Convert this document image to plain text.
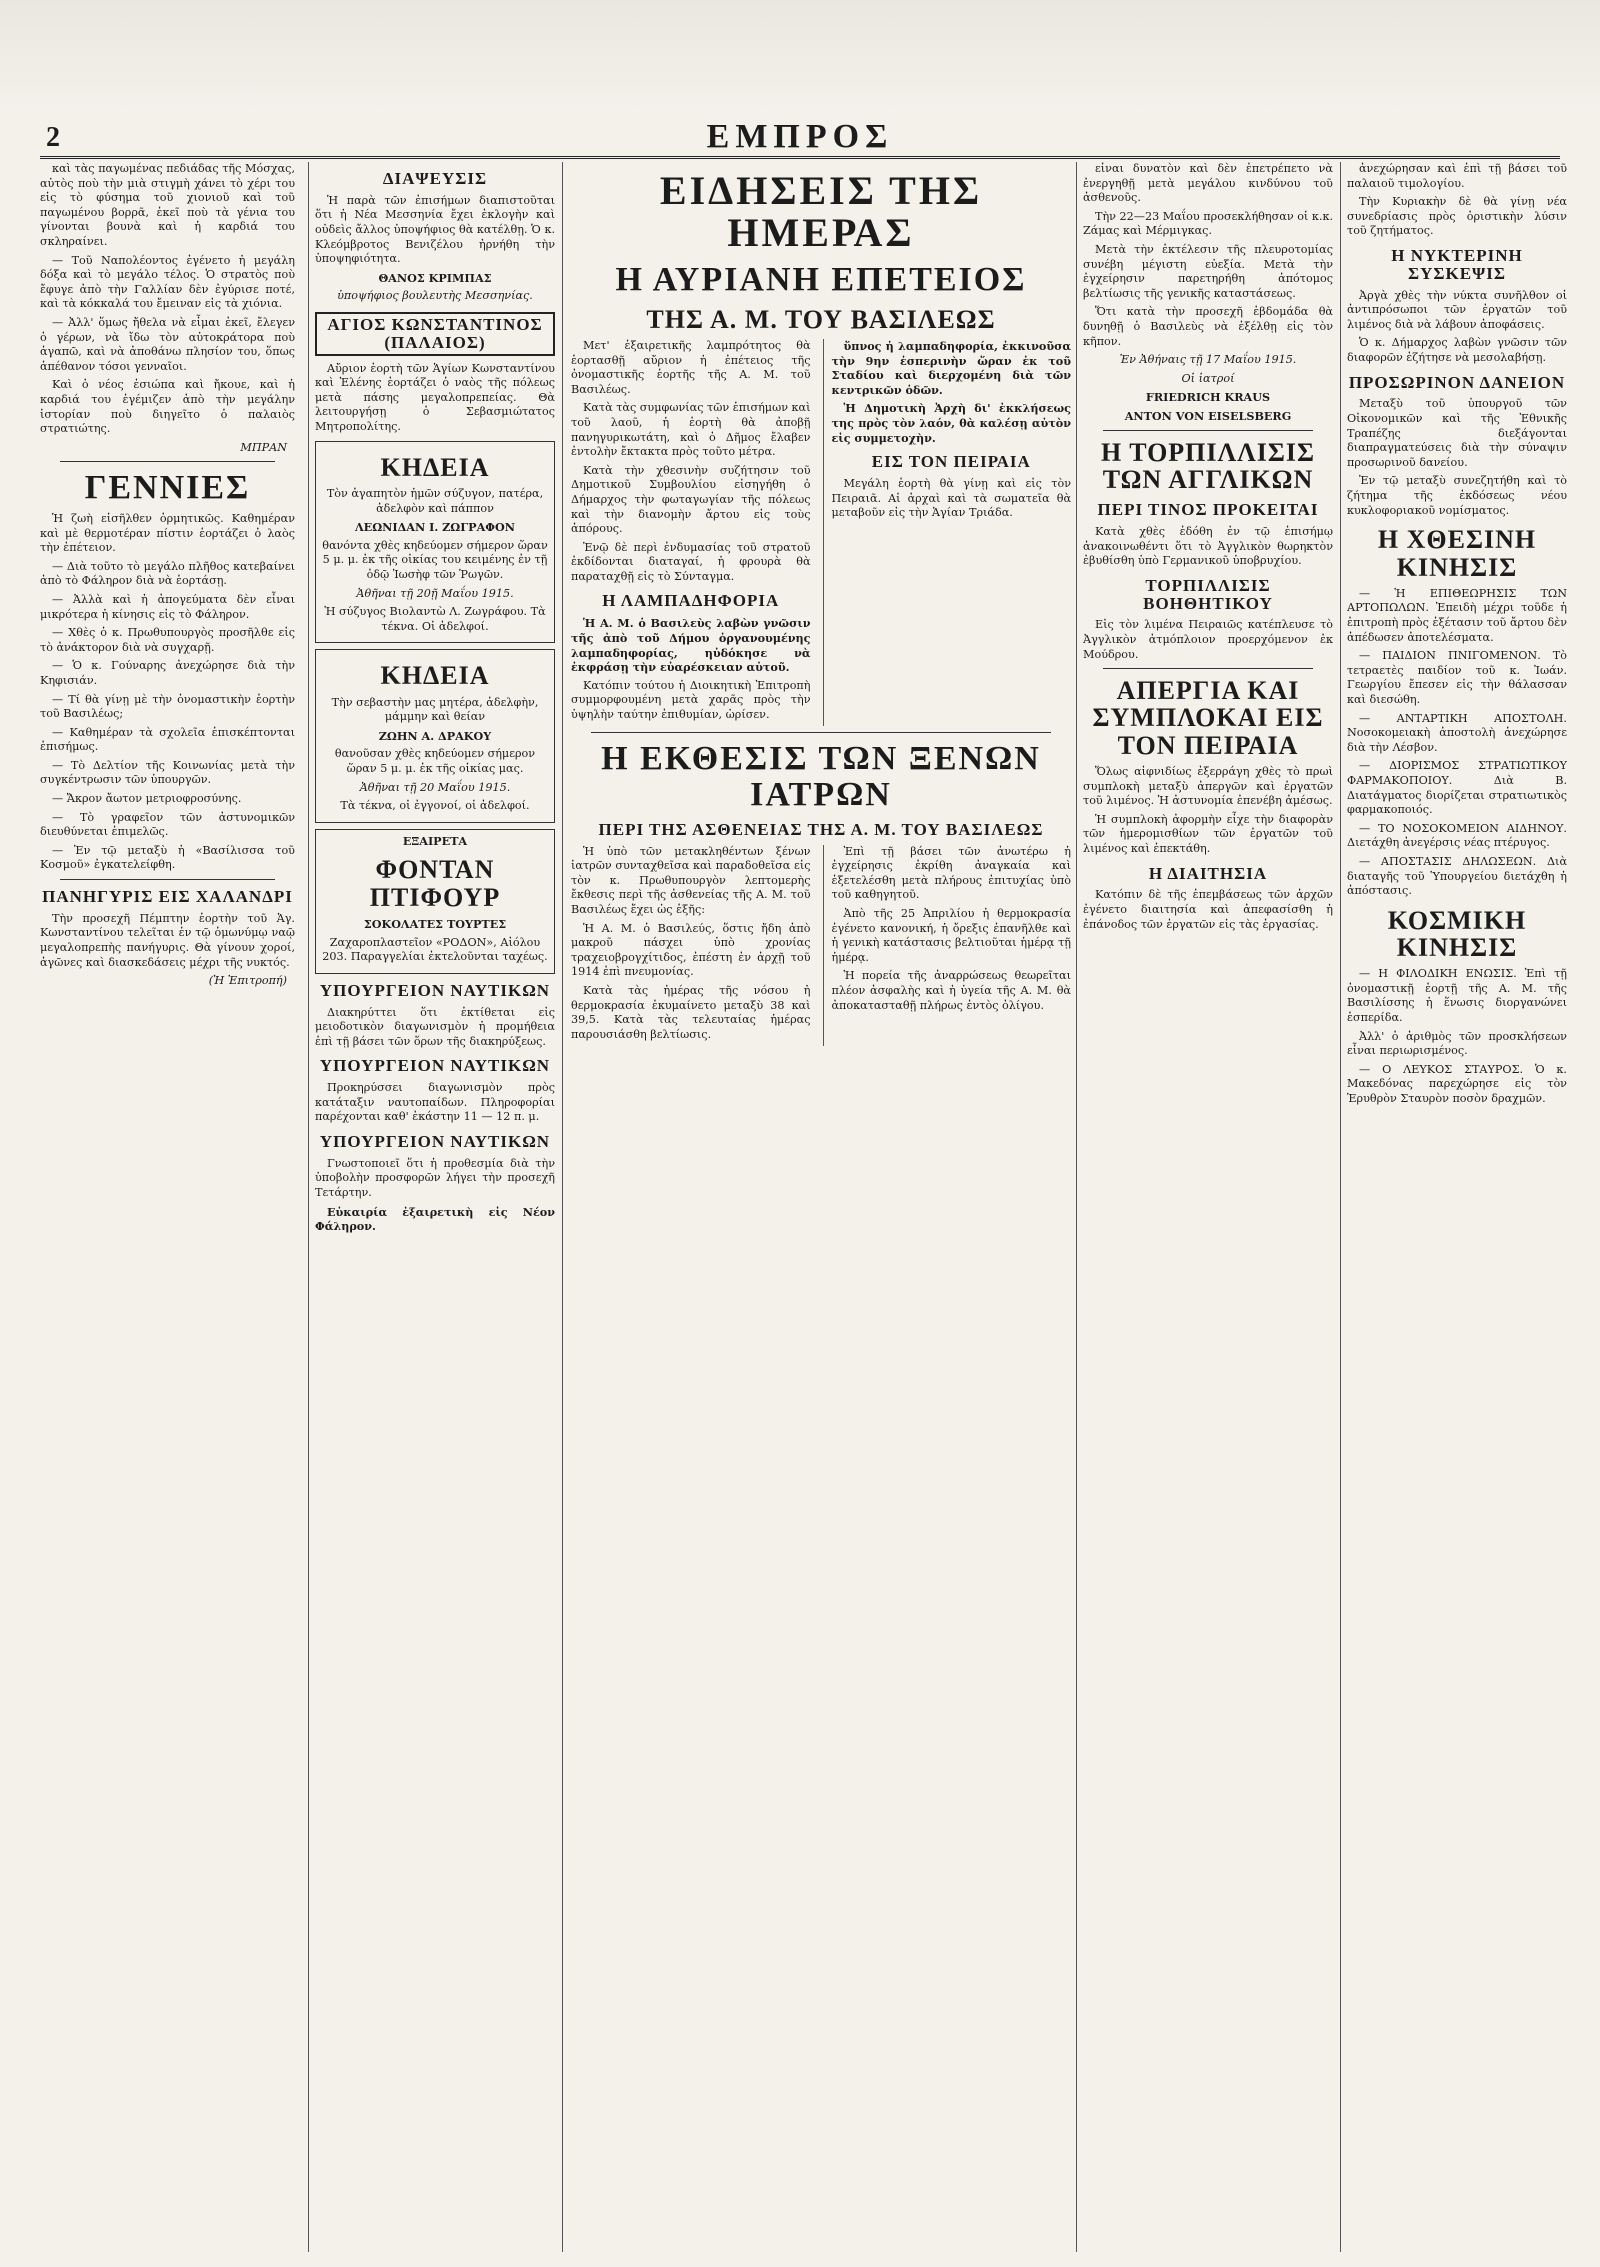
2	ΕΜΠΡΟΣ

καὶ τὰς παγωμένας πεδιάδας τῆς Μόσχας, αὐτὸς ποὺ τὴν μιὰ στιγμὴ χάνει τὸ χέρι του εἰς τὸ φύσημα τοῦ χιονιοῦ καὶ τοῦ παγωμένου βορρᾶ, ἐκεῖ ποὺ τὰ γένια του γίνονται βουνὰ καὶ ἡ καρδιά του σκληραίνει.

— Τοῦ Ναπολέοντος ἐγένετο ἡ μεγάλη δόξα καὶ τὸ μεγάλο τέλος. Ὁ στρατὸς ποὺ ἔφυγε ἀπὸ τὴν Γαλλίαν δὲν ἐγύρισε ποτέ, καὶ τὰ κόκκαλά του ἔμειναν εἰς τὰ χιόνια.

— Ἀλλ' ὅμως ἤθελα νὰ εἶμαι ἐκεῖ, ἔλεγεν ὁ γέρων, νὰ ἴδω τὸν αὐτοκράτορα ποὺ ἀγαπῶ, καὶ νὰ ἀποθάνω πλησίον του, ὅπως ἀπέθανον τόσοι γενναῖοι.

Καὶ ὁ νέος ἐσιώπα καὶ ἤκουε, καὶ ἡ καρδιά του ἐγέμιζεν ἀπὸ τὴν μεγάλην ἱστορίαν ποὺ διηγεῖτο ὁ παλαιὸς στρατιώτης.

ΜΠΡΑΝ

ΓΕΝΝΙΕΣ

Ἡ ζωὴ εἰσῆλθεν ὁρμητικῶς. Καθημέραν καὶ μὲ θερμοτέραν πίστιν ἑορτάζει ὁ λαὸς τὴν ἐπέτειον.

— Διὰ τοῦτο τὸ μεγάλο πλῆθος κατεβαίνει ἀπὸ τὸ Φάληρον διὰ νὰ ἑορτάσῃ.

— Ἀλλὰ καὶ ἡ ἀπογεύματα δὲν εἶναι μικρότερα ἡ κίνησις εἰς τὸ Φάληρον.

— Χθὲς ὁ κ. Πρωθυπουργὸς προσῆλθε εἰς τὸ ἀνάκτορον διὰ νὰ συγχαρῇ.

— Ὁ κ. Γούναρης ἀνεχώρησε διὰ τὴν Κηφισιάν.

— Τί θὰ γίνῃ μὲ τὴν ὀνομαστικὴν ἑορτὴν τοῦ Βασιλέως;

— Καθημέραν τὰ σχολεῖα ἐπισκέπτονται ἐπισήμως.

— Τὸ Δελτίον τῆς Κοινωνίας μετὰ τὴν συγκέντρωσιν τῶν ὑπουργῶν.

— Ἄκρον ἄωτον μετριοφροσύνης.

— Τὸ γραφεῖον τῶν ἀστυνομικῶν διευθύνεται ἐπιμελῶς.

— Ἐν τῷ μεταξὺ ἡ «Βασίλισσα τοῦ Κοσμοῦ» ἐγκατελείφθη.

ΠΑΝΗΓΥΡΙΣ ΕΙΣ ΧΑΛΑΝΔΡΙ

Τὴν προσεχῆ Πέμπτην ἑορτὴν τοῦ Ἁγ. Κωνσταντίνου τελεῖται ἐν τῷ ὁμωνύμῳ ναῷ μεγαλοπρεπὴς πανήγυρις. Θὰ γίνουν χοροί, ἀγῶνες καὶ διασκεδάσεις μέχρι τῆς νυκτός.

(Ἡ Ἐπιτροπή)

ΔΙΑΨΕΥΣΙΣ

Ἡ παρὰ τῶν ἐπισήμων διαπιστοῦται ὅτι ἡ Νέα Μεσσηνία ἔχει ἐκλογὴν καὶ οὐδεὶς ἄλλος ὑποψήφιος θὰ κατέλθῃ. Ὁ κ. Κλεόμβροτος Βενιζέλου ἠρνήθη τὴν ὑποψηφιότητα.

ΘΑΝΟΣ ΚΡΙΜΠΑΣ

ὑποψήφιος βουλευτὴς Μεσσηνίας.

ΑΓΙΟΣ ΚΩΝΣΤΑΝΤΙΝΟΣ (ΠΑΛΑΙΟΣ)

Αὔριον ἑορτὴ τῶν Ἁγίων Κωνσταντίνου καὶ Ἑλένης ἑορτάζει ὁ ναὸς τῆς πόλεως μετὰ πάσης μεγαλοπρεπείας. Θὰ λειτουργήσῃ ὁ Σεβασμιώτατος Μητροπολίτης.

ΚΗΔΕΙΑ

Τὸν ἀγαπητὸν ἡμῶν σύζυγον, πατέρα, ἀδελφὸν καὶ πάππον

ΛΕΩΝΙΔΑΝ Ι. ΖΩΓΡΑΦΟΝ

θανόντα χθὲς κηδεύομεν σήμερον ὥραν 5 μ. μ. ἐκ τῆς οἰκίας του κειμένης ἐν τῇ ὁδῷ Ἰωσὴφ τῶν Ῥωγῶν.

Ἀθῆναι τῇ 20ῇ Μαΐου 1915.

Ἡ σύζυγος Βιολαντὼ Λ. Ζωγράφου. Τὰ τέκνα. Οἱ ἀδελφοί.

ΚΗΔΕΙΑ

Τὴν σεβαστὴν μας μητέρα, ἀδελφὴν, μάμμην καὶ θείαν

ΖΩΗΝ Α. ΔΡΑΚΟΥ

θανοῦσαν χθὲς κηδεύομεν σήμερον ὥραν 5 μ. μ. ἐκ τῆς οἰκίας μας.

Ἀθῆναι τῇ 20 Μαΐου 1915.

Τὰ τέκνα, οἱ ἐγγονοί, οἱ ἀδελφοί.

ΕΞΑΙΡΕΤΑ

ΦΟΝΤΑΝ ΠΤΙΦΟΥΡ

ΣΟΚΟΛΑΤΕΣ ΤΟΥΡΤΕΣ

Ζαχαροπλαστεῖον «ΡΟΔΟΝ», Αἰόλου 203. Παραγγελίαι ἐκτελοῦνται ταχέως.

ΥΠΟΥΡΓΕΙΟΝ ΝΑΥΤΙΚΩΝ

Διακηρύττει ὅτι ἐκτίθεται εἰς μειοδοτικὸν διαγωνισμὸν ἡ προμήθεια ἐπὶ τῇ βάσει τῶν ὅρων τῆς διακηρύξεως.

ΥΠΟΥΡΓΕΙΟΝ ΝΑΥΤΙΚΩΝ

Προκηρύσσει διαγωνισμὸν πρὸς κατάταξιν ναυτοπαίδων. Πληροφορίαι παρέχονται καθ' ἑκάστην 11 — 12 π. μ.

ΥΠΟΥΡΓΕΙΟΝ ΝΑΥΤΙΚΩΝ

Γνωστοποιεῖ ὅτι ἡ προθεσμία διὰ τὴν ὑποβολὴν προσφορῶν λήγει τὴν προσεχῆ Τετάρτην.

Εὐκαιρία ἐξαιρετικὴ εἰς Νέον Φάληρον.

ΕΙΔΗΣΕΙΣ ΤΗΣ ΗΜΕΡΑΣ
Η ΑΥΡΙΑΝΗ ΕΠΕΤΕΙΟΣ
ΤΗΣ Α. Μ. ΤΟΥ ΒΑΣΙΛΕΩΣ

Μετ' ἐξαιρετικῆς λαμπρότητος θὰ ἑορτασθῇ αὔριον ἡ ἐπέτειος τῆς ὀνομαστικῆς ἑορτῆς τῆς Α. Μ. τοῦ Βασιλέως.

Κατὰ τὰς συμφωνίας τῶν ἐπισήμων καὶ τοῦ λαοῦ, ἡ ἑορτὴ θὰ ἀποβῇ πανηγυρικωτάτη, καὶ ὁ Δῆμος ἔλαβεν ἐντολὴν ἔκτακτα πρὸς τοῦτο μέτρα.

Κατὰ τὴν χθεσινὴν συζήτησιν τοῦ Δημοτικοῦ Συμβουλίου εἰσηγήθη ὁ Δήμαρχος τὴν φωταγωγίαν τῆς πόλεως καὶ τὴν διανομὴν ἄρτου εἰς τοὺς ἀπόρους.

Ἐνῷ δὲ περὶ ἐνδυμασίας τοῦ στρατοῦ ἐκδίδονται διαταγαί, ἡ φρουρὰ θὰ παραταχθῇ εἰς τὸ Σύνταγμα.

Η ΛΑΜΠΑΔΗΦΟΡΙΑ

Ἡ Α. Μ. ὁ Βασιλεὺς λαβὼν γνῶσιν τῆς ἀπὸ τοῦ Δήμου ὀργανουμένης λαμπαδηφορίας, ηὐδόκησε νὰ ἐκφράσῃ τὴν εὐαρέσκειαν αὐτοῦ.

Κατόπιν τούτου ἡ Διοικητικὴ Ἐπιτροπὴ συμμορφουμένη μετὰ χαρᾶς πρὸς τὴν ὑψηλὴν ταύτην ἐπιθυμίαν, ὡρίσεν.

ὕπνος ἡ λαμπαδηφορία, ἐκκινοῦσα τὴν 9ην ἑσπερινὴν ὥραν ἐκ τοῦ Σταδίου καὶ διερχομένη διὰ τῶν κεντρικῶν ὁδῶν.

Ἡ Δημοτικὴ Ἀρχὴ δι' ἐκκλήσεως της πρὸς τὸν λαόν, θὰ καλέσῃ αὐτὸν εἰς συμμετοχὴν.

ΕΙΣ ΤΟΝ ΠΕΙΡΑΙΑ

Μεγάλη ἑορτὴ θὰ γίνῃ καὶ εἰς τὸν Πειραιᾶ. Αἱ ἀρχαὶ καὶ τὰ σωματεῖα θὰ μεταβοῦν εἰς τὴν Ἁγίαν Τριάδα.

Η ΕΚΘΕΣΙΣ ΤΩΝ ΞΕΝΩΝ ΙΑΤΡΩΝ
ΠΕΡΙ ΤΗΣ ΑΣΘΕΝΕΙΑΣ ΤΗΣ Α. Μ. ΤΟΥ ΒΑΣΙΛΕΩΣ

Ἡ ὑπὸ τῶν μετακληθέντων ξένων ἰατρῶν συνταχθεῖσα καὶ παραδοθεῖσα εἰς τὸν κ. Πρωθυπουργὸν λεπτομερὴς ἔκθεσις περὶ τῆς ἀσθενείας τῆς Α. Μ. τοῦ Βασιλέως ἔχει ὡς ἑξῆς:

Ἡ Α. Μ. ὁ Βασιλεύς, ὅστις ἤδη ἀπὸ μακροῦ πάσχει ὑπὸ χρονίας τραχειοβρογχίτιδος, ἐπέστη ἐν ἀρχῇ τοῦ 1914 ἐπὶ πνευμονίας.

Κατὰ τὰς ἡμέρας τῆς νόσου ἡ θερμοκρασία ἐκυμαίνετο μεταξὺ 38 καὶ 39,5. Κατὰ τὰς τελευταίας ἡμέρας παρουσιάσθη βελτίωσις.

Ἐπὶ τῇ βάσει τῶν ἀνωτέρω ἡ ἐγχείρησις ἐκρίθη ἀναγκαία καὶ ἐξετελέσθη μετὰ πλήρους ἐπιτυχίας ὑπὸ τοῦ καθηγητοῦ.

Ἀπὸ τῆς 25 Ἀπριλίου ἡ θερμοκρασία ἐγένετο κανονική, ἡ ὄρεξις ἐπανῆλθε καὶ ἡ γενικὴ κατάστασις βελτιοῦται ἡμέρᾳ τῇ ἡμέρᾳ.

Ἡ πορεία τῆς ἀναρρώσεως θεωρεῖται πλέον ἀσφαλὴς καὶ ἡ ὑγεία τῆς Α. Μ. θὰ ἀποκατασταθῇ πλήρως ἐντὸς ὀλίγου.

εἶναι δυνατὸν καὶ δὲν ἐπετρέπετο νὰ ἐνεργηθῇ μετὰ μεγάλου κινδύνου τοῦ ἀσθενοῦς.

Τὴν 22—23 Μαΐου προσεκλήθησαν οἱ κ.κ. Ζάμας καὶ Μέρμιγκας.

Μετὰ τὴν ἐκτέλεσιν τῆς πλευροτομίας συνέβη μέγιστη εὐεξία. Μετὰ τὴν ἐγχείρησιν παρετηρήθη ἀπότομος βελτίωσις τῆς γενικῆς καταστάσεως.

Ὅτι κατὰ τὴν προσεχῆ ἑβδομάδα θὰ δυνηθῇ ὁ Βασιλεὺς νὰ ἐξέλθῃ εἰς τὸν κῆπον.

Ἐν Ἀθήναις τῇ 17 Μαΐου 1915.

Οἱ ἰατροί

FRIEDRICH KRAUS

ANTON VON EISELSBERG

Η ΤΟΡΠΙΛΛΙΣΙΣ ΤΩΝ ΑΓΓΛΙΚΩΝ
ΠΕΡΙ ΤΙΝΟΣ ΠΡΟΚΕΙΤΑΙ

Κατὰ χθὲς ἐδόθη ἐν τῷ ἐπισήμῳ ἀνακοινωθέντι ὅτι τὸ Ἀγγλικὸν θωρηκτὸν ἐβυθίσθη ὑπὸ Γερμανικοῦ ὑποβρυχίου.

ΤΟΡΠΙΛΛΙΣΙΣ ΒΟΗΘΗΤΙΚΟΥ

Εἰς τὸν λιμένα Πειραιῶς κατέπλευσε τὸ Ἀγγλικὸν ἀτμόπλοιον προερχόμενον ἐκ Μούδρου.

ΑΠΕΡΓΙΑ ΚΑΙ ΣΥΜΠΛΟΚΑΙ ΕΙΣ ΤΟΝ ΠΕΙΡΑΙΑ

Ὅλως αἰφνιδίως ἐξερράγη χθὲς τὸ πρωὶ συμπλοκὴ μεταξὺ ἀπεργῶν καὶ ἐργατῶν τοῦ λιμένος. Ἡ ἀστυνομία ἐπενέβη ἀμέσως.

Ἡ συμπλοκὴ ἀφορμὴν εἶχε τὴν διαφορὰν τῶν ἡμερομισθίων τῶν ἐργατῶν τοῦ λιμένος καὶ ἐπεκτάθη.

Η ΔΙΑΙΤΗΣΙΑ

Κατόπιν δὲ τῆς ἐπεμβάσεως τῶν ἀρχῶν ἐγένετο διαιτησία καὶ ἀπεφασίσθη ἡ ἐπάνοδος τῶν ἐργατῶν εἰς τὰς ἐργασίας.

ἀνεχώρησαν καὶ ἐπὶ τῇ βάσει τοῦ παλαιοῦ τιμολογίου.

Τὴν Κυριακὴν δὲ θὰ γίνῃ νέα συνεδρίασις πρὸς ὁριστικὴν λύσιν τοῦ ζητήματος.

Η ΝΥΚΤΕΡΙΝΗ ΣΥΣΚΕΨΙΣ

Ἀργὰ χθὲς τὴν νύκτα συνῆλθον οἱ ἀντιπρόσωποι τῶν ἐργατῶν τοῦ λιμένος διὰ νὰ λάβουν ἀποφάσεις.

Ὁ κ. Δήμαρχος λαβὼν γνῶσιν τῶν διαφορῶν ἐζήτησε νὰ μεσολαβήσῃ.

ΠΡΟΣΩΡΙΝΟΝ ΔΑΝΕΙΟΝ

Μεταξὺ τοῦ ὑπουργοῦ τῶν Οἰκονομικῶν καὶ τῆς Ἐθνικῆς Τραπέζης διεξάγονται διαπραγματεύσεις διὰ τὴν σύναψιν προσωρινοῦ δανείου.

Ἐν τῷ μεταξὺ συνεζητήθη καὶ τὸ ζήτημα τῆς ἐκδόσεως νέου κυκλοφοριακοῦ νομίσματος.

Η ΧΘΕΣΙΝΗ ΚΙΝΗΣΙΣ

— Ἡ ΕΠΙΘΕΩΡΗΣΙΣ ΤΩΝ ΑΡΤΟΠΩΛΩΝ. Ἐπειδὴ μέχρι τοῦδε ἡ ἐπιτροπὴ πρὸς ἐξέτασιν τοῦ ἄρτου δὲν ἀπέδωσεν ἀποτελέσματα.

— ΠΑΙΔΙΟΝ ΠΝΙΓΟΜΕΝΟΝ. Τὸ τετραετὲς παιδίον τοῦ κ. Ἰωάν. Γεωργίου ἔπεσεν εἰς τὴν θάλασσαν καὶ διεσώθη.

— ΑΝΤΑΡΤΙΚΗ ΑΠΟΣΤΟΛΗ. Νοσοκομειακὴ ἀποστολὴ ἀνεχώρησε διὰ τὴν Λέσβον.

— ΔΙΟΡΙΣΜΟΣ ΣΤΡΑΤΙΩΤΙΚΟΥ ΦΑΡΜΑΚΟΠΟΙΟΥ. Διὰ Β. Διατάγματος διορίζεται στρατιωτικὸς φαρμακοποιός.

— ΤΟ ΝΟΣΟΚΟΜΕΙΟΝ ΑΙΔΗΝΟΥ. Διετάχθη ἀνεγέρσις νέας πτέρυγος.

— ΑΠΟΣΤΑΣΙΣ ΔΗΛΩΣΕΩΝ. Διὰ διαταγῆς τοῦ Ὑπουργείου διετάχθη ἡ ἀπόστασις.

ΚΟΣΜΙΚΗ ΚΙΝΗΣΙΣ

— Η ΦΙΛΟΔΙΚΗ ΕΝΩΣΙΣ. Ἐπὶ τῇ ὀνομαστικῇ ἑορτῇ τῆς Α. Μ. τῆς Βασιλίσσης ἡ ἕνωσις διοργανώνει ἑσπερίδα.

Ἀλλ' ὁ ἀριθμὸς τῶν προσκλήσεων εἶναι περιωρισμένος.

— Ο ΛΕΥΚΟΣ ΣΤΑΥΡΟΣ. Ὁ κ. Μακεδόνας παρεχώρησε εἰς τὸν Ἐρυθρὸν Σταυρὸν ποσὸν δραχμῶν.
